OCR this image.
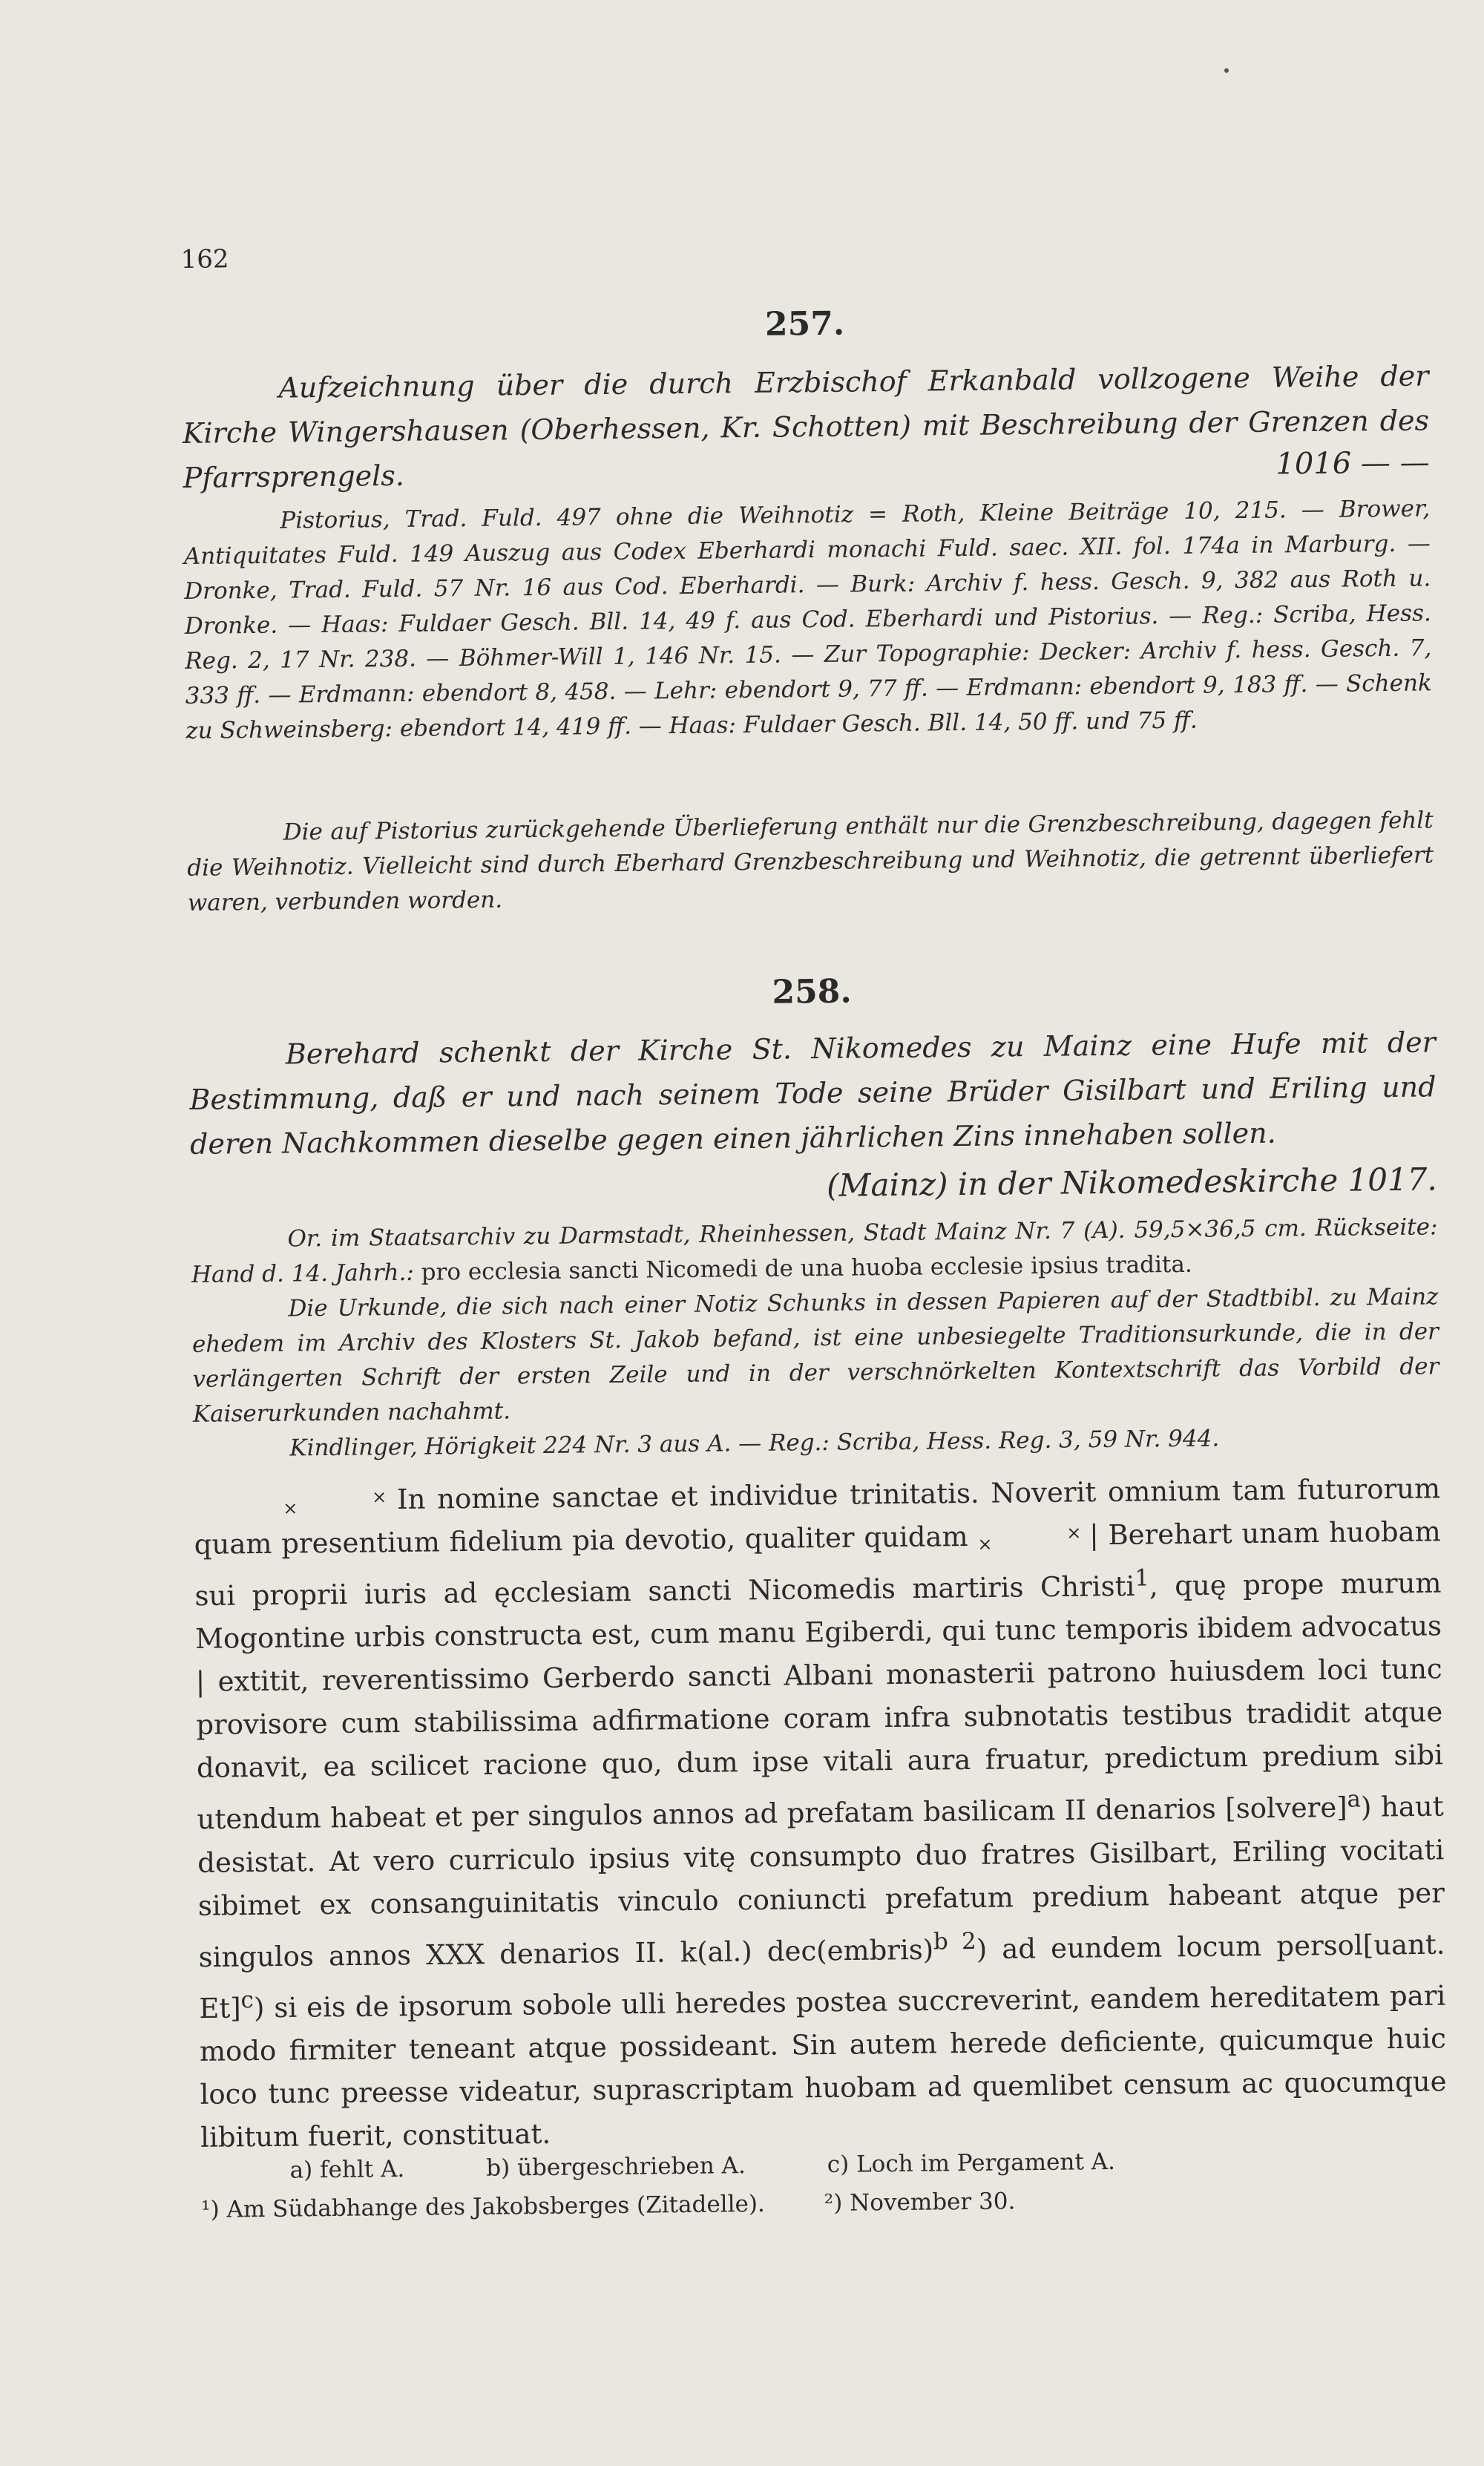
162
257.
Aufzeichnung über die durch Erzbischof Erkanbald vollzogene Weihe der Kirche Wingershausen (Oberhessen, Kr. Schotten) mit Beschreibung der Grenzen des Pfarrsprengels.	1016 — —
Pistorius, Trad. Fuld. 497 ohne die Weihnotiz = Roth, Kleine Beiträge 10, 215. — Brower, Antiquitates Fuld. 149 Auszug aus Codex Eberhardi monachi Fuld. saec. XII. fol. 174a in Marburg. — Dronke, Trad. Fuld. 57 Nr. 16 aus Cod. Eberhardi. — Burk: Archiv f. hess. Gesch. 9, 382 aus Roth u. Dronke. — Haas: Fuldaer Gesch. Bll. 14, 49 f. aus Cod. Eberhardi und Pistorius. — Reg.: Scriba, Hess. Reg. 2, 17 Nr. 238. — Böhmer-Will 1, 146 Nr. 15. — Zur Topographie: Decker: Archiv f. hess. Gesch. 7, 333 ff. — Erdmann: ebendort 8, 458. — Lehr: ebendort 9, 77 ff. — Erdmann: ebendort 9, 183 ff. — Schenk zu Schweinsberg: ebendort 14, 419 ff. — Haas: Fuldaer Gesch. Bll. 14, 50 ff. und 75 ff.
Die auf Pistorius zurückgehende Überlieferung enthält nur die Grenzbeschreibung, dagegen fehlt die Weihnotiz. Vielleicht sind durch Eberhard Grenzbeschreibung und Weihnotiz, die getrennt überliefert waren, verbunden worden.
258.
Berehard schenkt der Kirche St. Nikomedes zu Mainz eine Hufe mit der Bestimmung, daß er und nach seinem Tode seine Brüder Gisilbart und Eriling und deren Nachkommen dieselbe gegen einen jährlichen Zins innehaben sollen.
(Mainz) in der Nikomedeskirche 1017.

Or. im Staatsarchiv zu Darmstadt, Rheinhessen, Stadt Mainz Nr. 7 (A). 59,5×36,5 cm. Rückseite: Hand d. 14. Jahrh.: pro ecclesia sancti Nicomedi de una huoba ecclesie ipsius tradita.

Die Urkunde, die sich nach einer Notiz Schunks in dessen Papieren auf der Stadtbibl. zu Mainz ehedem im Archiv des Klosters St. Jakob befand, ist eine unbesiegelte Traditionsurkunde, die in der verlängerten Schrift der ersten Zeile und in der verschnörkelten Kontextschrift das Vorbild der Kaiserurkunden nachahmt.

Kindlinger, Hörigkeit 224 Nr. 3 aus A. — Reg.: Scriba, Hess. Reg. 3, 59 Nr. 944.

×
×	In nomine sanctae et individue trinitatis. Noverit omnium tam futurorum quam presentium fidelium pia devotio, qualiter quidam	×
×	| Berehart unam huobam sui proprii iuris ad ęcclesiam sancti Nicomedis martiris Christi$^1$, quę prope murum Mogontine urbis constructa est, cum manu Egiberdi, qui tunc temporis ibidem advocatus | extitit, reverentissimo Gerberdo sancti Albani monasterii patrono huiusdem loci tunc provisore cum stabilissima adfirmatione coram infra subnotatis testibus tradidit atque donavit, ea scilicet racione quo, dum ipse vitali aura fruatur, predictum predium sibi utendum habeat et per singulos annos ad prefatam basilicam II denarios [solvere]$^a$) haut desistat. At vero curriculo ipsius vitę consumpto duo fratres Gisilbart, Eriling vocitati sibimet ex consanguinitatis vinculo coniuncti prefatum predium habeant atque per singulos annos XXX denarios II. k(al.) dec(embris)$^{b 2}$) ad eundem locum persol[uant. Et]$^c$) si eis de ipsorum sobole ulli heredes postea succreverint, eandem hereditatem pari modo firmiter teneant atque possideant. Sin autem herede deficiente, quicumque huic loco tunc preesse videatur, suprascriptam huobam ad quemlibet censum ac quocumque libitum fuerit, constituat.

a) fehlt A.	b) übergeschrieben A.	c) Loch im Pergament A.

¹) Am Südabhange des Jakobsberges (Zitadelle).	²) November 30.
